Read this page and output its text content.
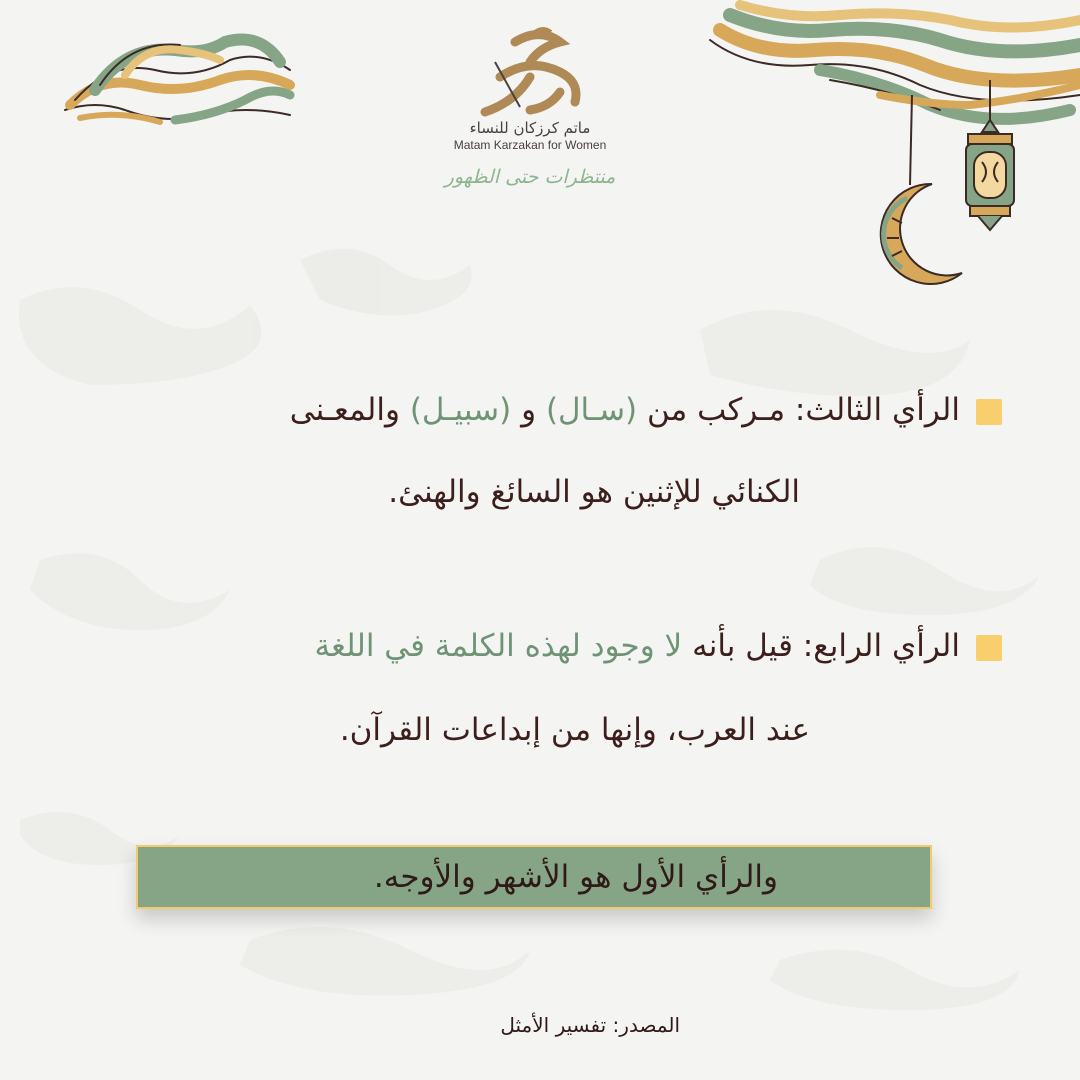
ماتم كرزكان للنساء
Matam Karzakan for Women
منتظرات حتى الظهور
الرأي الثالث: مـركب من (سـال) و (سبيـل) والمعـنى
الكنائي للإثنين هو السائغ والهنئ.
الرأي الرابع: قيل بأنه لا وجود لهذه الكلمة في اللغة
عند العرب، وإنها من إبداعات القرآن.
والرأي الأول هو الأشهر والأوجه.
المصدر: تفسير الأمثل
